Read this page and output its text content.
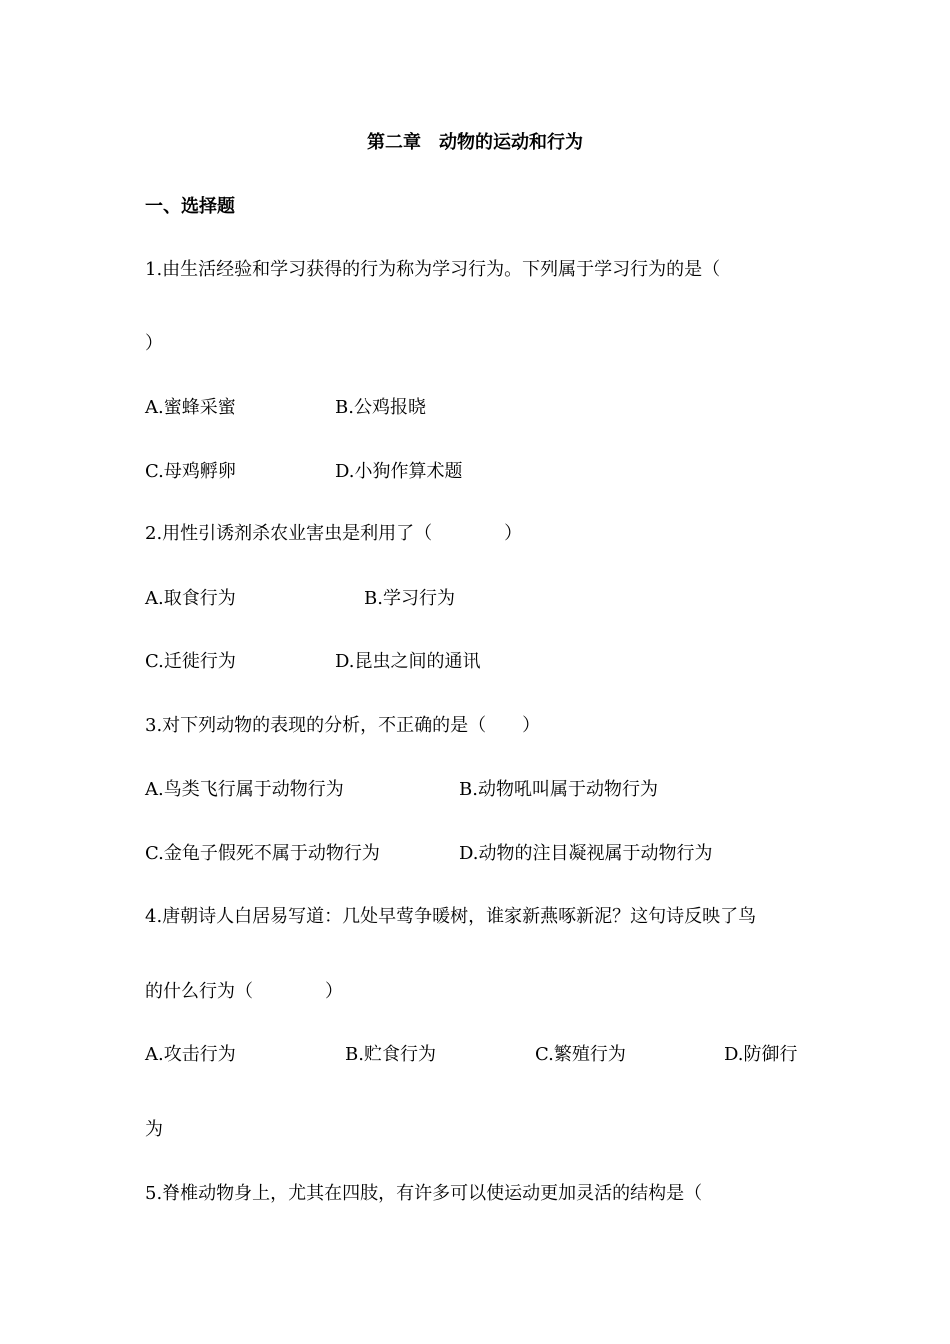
第二章　动物的运动和行为
一、选择题
1.由生活经验和学习获得的行为称为学习行为。下列属于学习行为的是（
）
A.蜜蜂采蜜	B.公鸡报晓
C.母鸡孵卵	D.小狗作算术题
2.用性引诱剂杀农业害虫是利用了（　　　　）
A.取食行为	B.学习行为
C.迁徙行为	D.昆虫之间的通讯
3.对下列动物的表现的分析，不正确的是（　　）
A.鸟类飞行属于动物行为	B.动物吼叫属于动物行为
C.金龟子假死不属于动物行为	D.动物的注目凝视属于动物行为
4.唐朝诗人白居易写道：几处早莺争暖树，谁家新燕啄新泥？这句诗反映了鸟
的什么行为（　　　　）
A.攻击行为	B.贮食行为	C.繁殖行为	D.防御行
为
5.脊椎动物身上，尤其在四肢，有许多可以使运动更加灵活的结构是（
